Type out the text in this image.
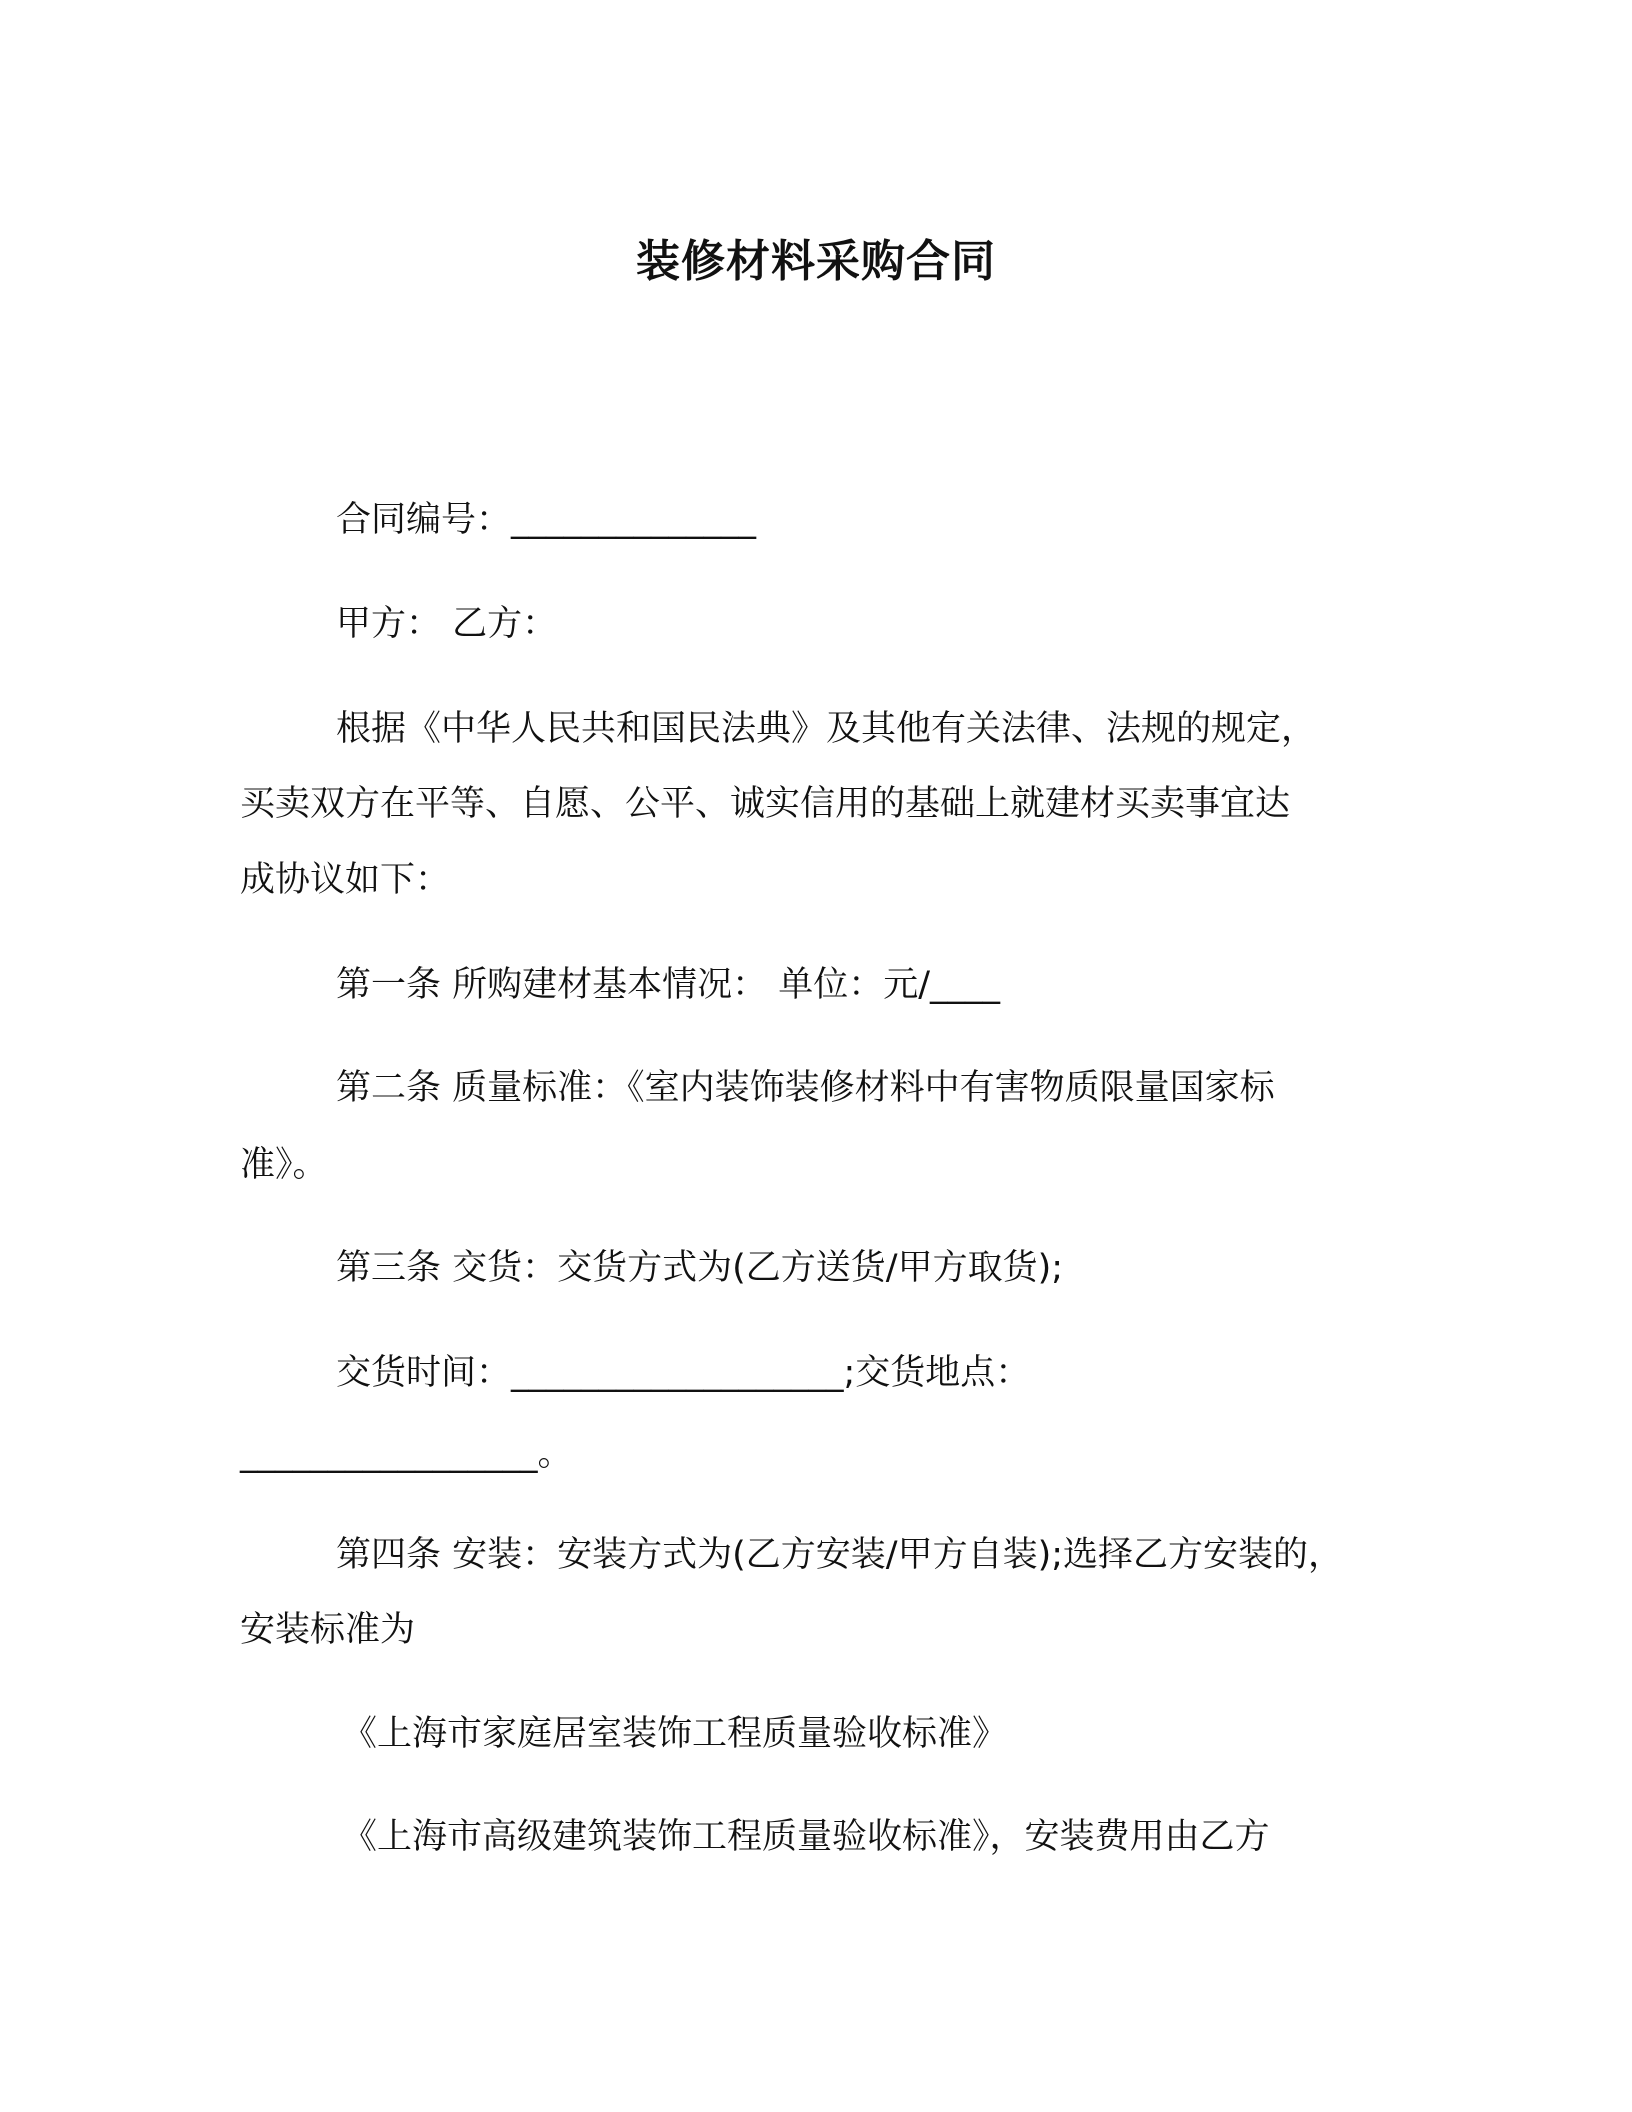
装修材料采购合同
合同编号：______________
甲方： 乙方：
根据《中华人民共和国民法典》及其他有关法律、法规的规定，
买卖双方在平等、自愿、公平、诚实信用的基础上就建材买卖事宜达
成协议如下：
第一条 所购建材基本情况： 单位：元/____
第二条 质量标准：《室内装饰装修材料中有害物质限量国家标
准》。
第三条 交货：交货方式为(乙方送货/甲方取货);
交货时间：___________________;交货地点：
_________________。
第四条 安装：安装方式为(乙方安装/甲方自装);选择乙方安装的，
安装标准为
《上海市家庭居室装饰工程质量验收标准》
《上海市高级建筑装饰工程质量验收标准》，安装费用由乙方
